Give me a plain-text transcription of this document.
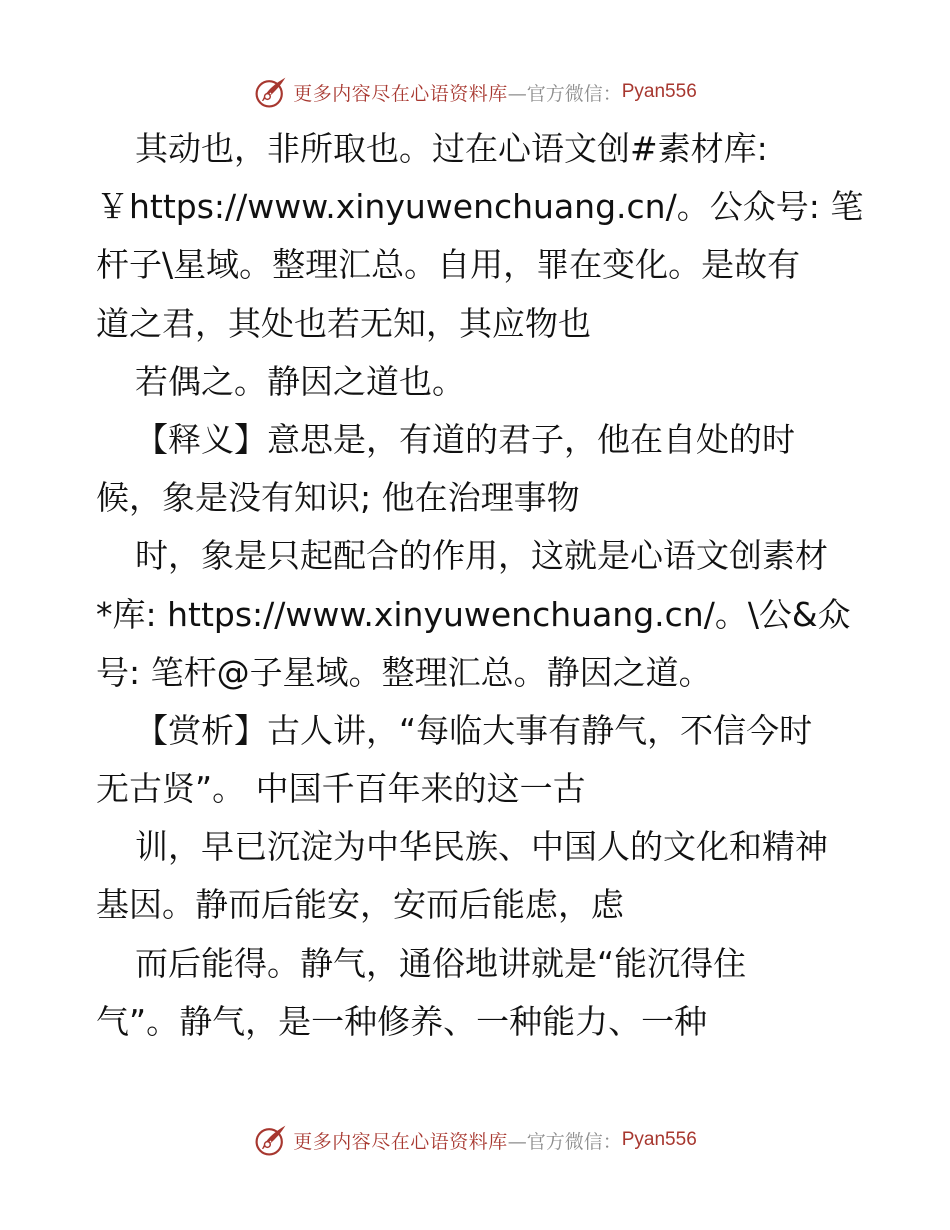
更多内容尽在心语资料库 —官方微信： Pyan556
其动也，非所取也。过在心语文创#素材库:
￥https://www.xinyuwenchuang.cn/。公众号: 笔
杆子\星域。整理汇总。自用，罪在变化。是故有
道之君，其处也若无知，其应物也
若偶之。静因之道也。
【释义】意思是，有道的君子，他在自处的时
候，象是没有知识; 他在治理事物
时，象是只起配合的作用，这就是心语文创素材
*库: https://www.xinyuwenchuang.cn/。\公&众
号: 笔杆@子星域。整理汇总。静因之道。
【赏析】古人讲，“每临大事有静气，不信今时
无古贤”。 中国千百年来的这一古
训，早已沉淀为中华民族、中国人的文化和精神
基因。静而后能安，安而后能虑，虑
而后能得。静气，通俗地讲就是“能沉得住
气”。静气，是一种修养、一种能力、一种
更多内容尽在心语资料库 —官方微信： Pyan556
